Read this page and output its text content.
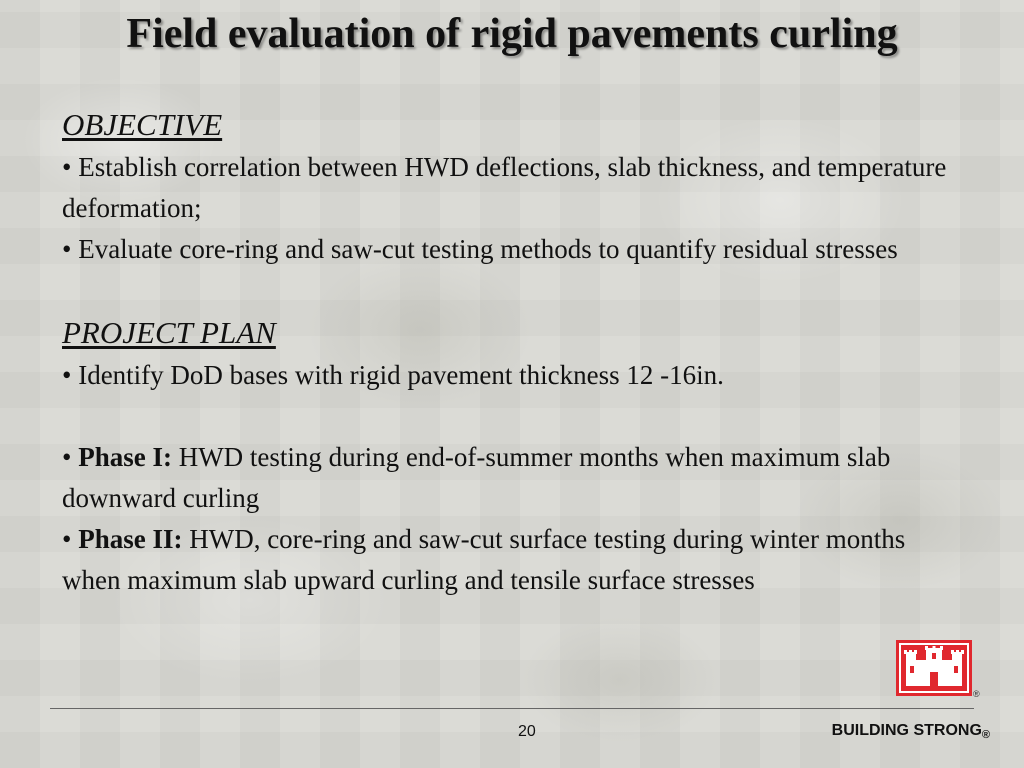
Field evaluation of rigid pavements curling
OBJECTIVE

• Establish correlation between HWD deflections, slab thickness, and temperature deformation;

• Evaluate core-ring and saw-cut testing methods to quantify residual stresses

PROJECT PLAN

• Identify DoD bases with rigid pavement thickness 12 -16in.

• Phase I: HWD testing during end-of-summer months when maximum slab downward curling

• Phase II: HWD, core-ring and saw-cut surface testing during winter months when maximum slab upward curling and tensile surface stresses

®
20	BUILDING $STRONG_®$
